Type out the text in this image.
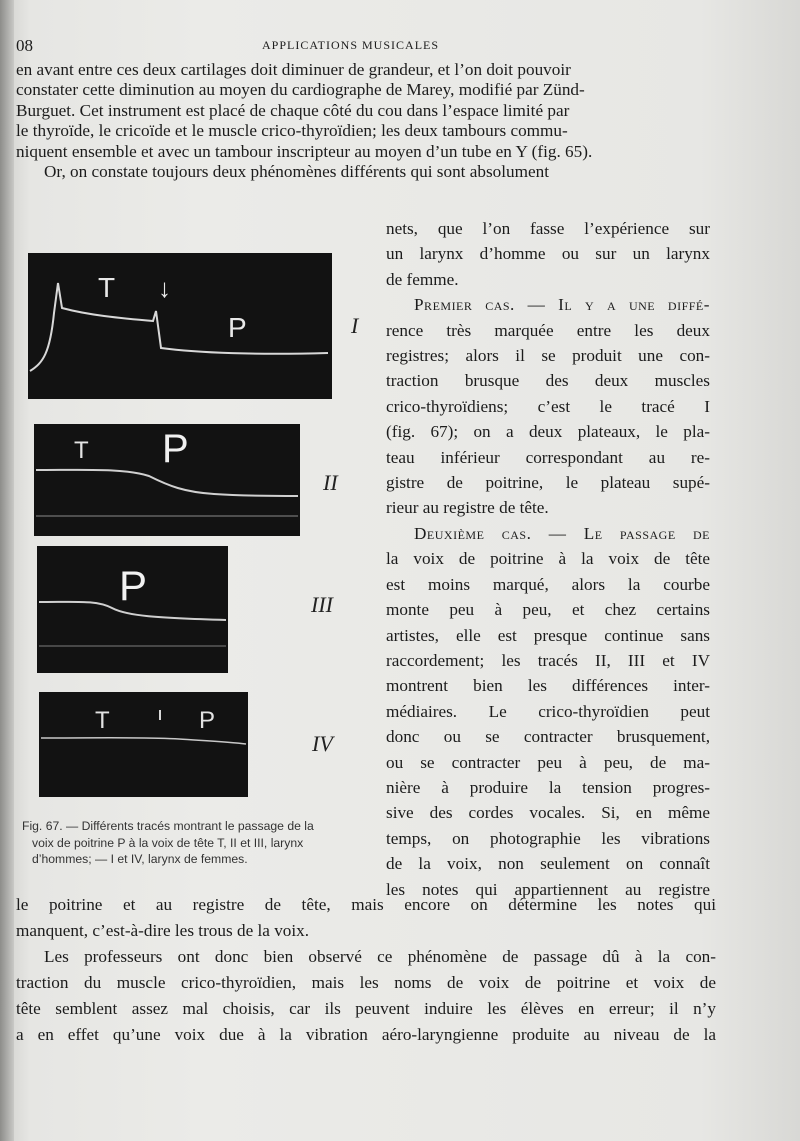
08	APPLICATIONS MUSICALES
en avant entre ces deux cartilages doit diminuer de grandeur, et l’on doit pouvoir
constater cette diminution au moyen du cardiographe de Marey, modifié par Zünd-
Burguet. Cet instrument est placé de chaque côté du cou dans l’espace limité par
le thyroïde, le cricoïde et le muscle crico-thyroïdien; les deux tambours commu-
niquent ensemble et avec un tambour inscripteur au moyen d’un tube en Y (fig. 65).
Or, on constate toujours deux phénomènes différents qui sont absolument
T ↓
P	I
T P
II
P	III
T	P
IV
Fig. 67. — Différents tracés montrant le passage de la
voix de poitrine P à la voix de tête T, II et III, larynx
d’hommes; — I et IV, larynx de femmes.
nets, que l’on fasse l’expérience sur
un larynx d’homme ou sur un larynx
de femme.
Premier cas. — Il y a une diffé-
rence très marquée entre les deux
registres; alors il se produit une con-
traction brusque des deux muscles
crico-thyroïdiens; c’est le tracé I
(fig. 67); on a deux plateaux, le pla-
teau inférieur correspondant au re-
gistre de poitrine, le plateau supé-
rieur au registre de tête.
Deuxième cas. — Le passage de
la voix de poitrine à la voix de tête
est moins marqué, alors la courbe
monte peu à peu, et chez certains
artistes, elle est presque continue sans
raccordement; les tracés II, III et IV
montrent bien les différences inter-
médiaires. Le crico-thyroïdien peut
donc ou se contracter brusquement,
ou se contracter peu à peu, de ma-
nière à produire la tension progres-
sive des cordes vocales. Si, en même
temps, on photographie les vibrations
de la voix, non seulement on connaît
les notes qui appartiennent au registre
le poitrine et au registre de tête, mais encore on détermine les notes qui
manquent, c’est-à-dire les trous de la voix.
Les professeurs ont donc bien observé ce phénomène de passage dû à la con-
traction du muscle crico-thyroïdien, mais les noms de voix de poitrine et voix de
tête semblent assez mal choisis, car ils peuvent induire les élèves en erreur; il n’y
a en effet qu’une voix due à la vibration aéro-laryngienne produite au niveau de la
